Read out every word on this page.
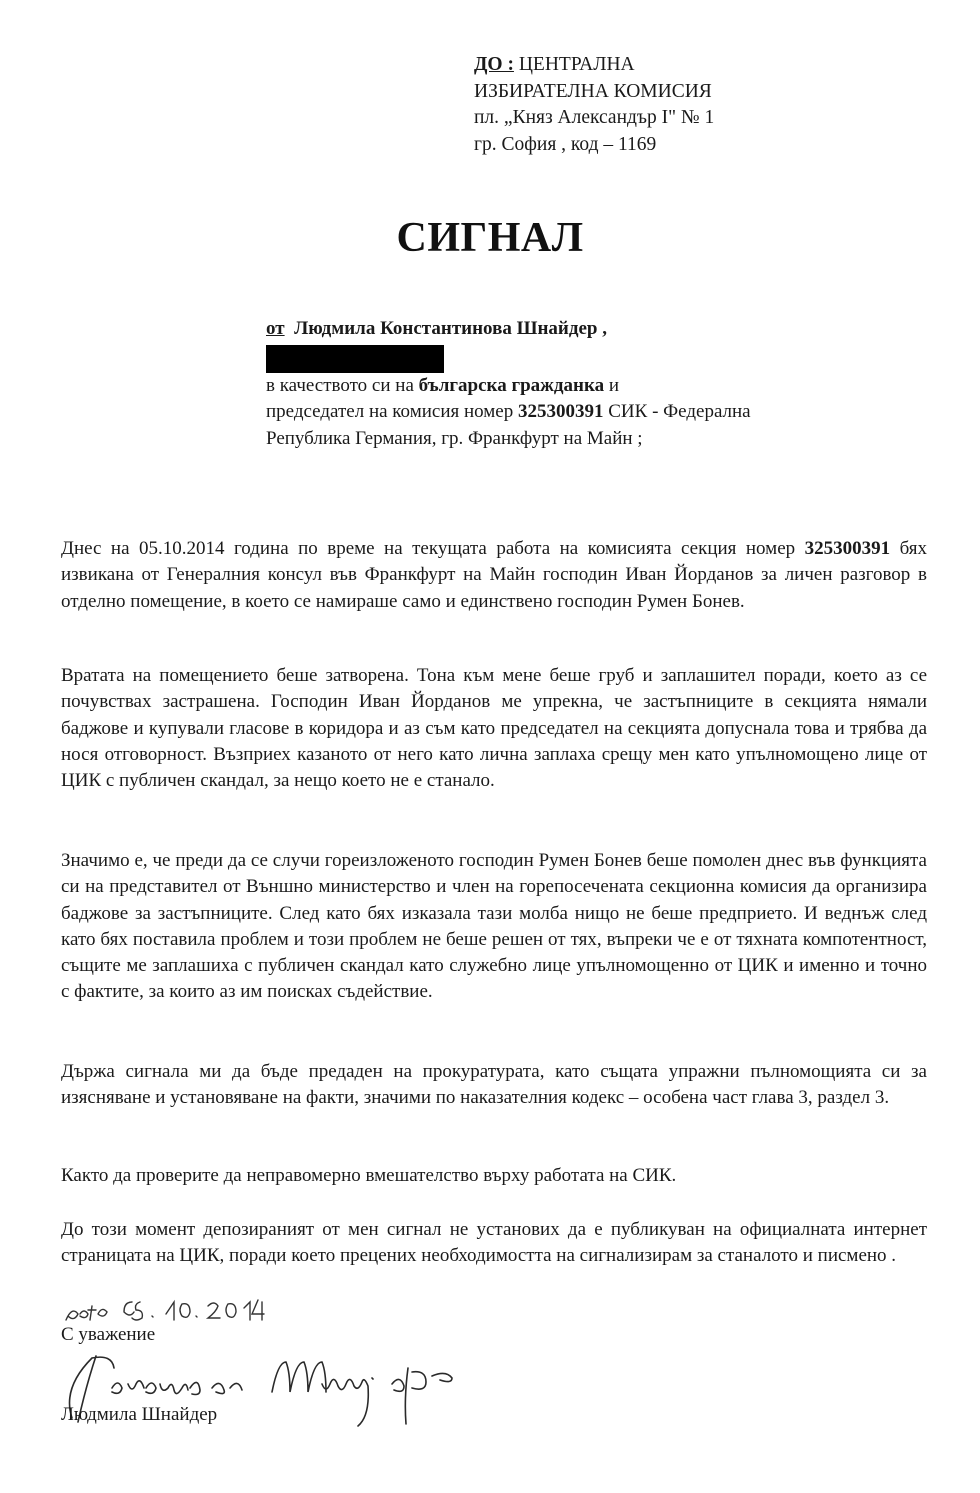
ДО : ЦЕНТРАЛНА
ИЗБИРАТЕЛНА КОМИСИЯ
пл. „Княз Александър I" № 1
гр. София , код – 1169
СИГНАЛ
от Людмила Константинова Шнайдер ,
в качеството си на българска гражданка и
председател на комисия номер 325300391 СИК - Федерална
Република Германия, гр. Франкфурт на Майн ;

Днес на 05.10.2014 година по време на текущата работа на комисията секция номер 325300391 бях извикана от Генералния консул във Франкфурт на Майн господин Иван Йорданов за личен разговор в отделно помещение, в което се намираше само и единствено господин Румен Бонев.

Вратата на помещението беше затворена. Тона към мене беше груб и заплашител поради, което аз се почувствах застрашена. Господин Иван Йорданов ме упрекна, че застъпниците в секцията нямали баджове и купували гласове в коридора и аз съм като председател на секцията допуснала това и трябва да нося отговорност. Възприех казаното от него като лична заплаха срещу мен като упълномощено лице от ЦИК с публичен скандал, за нещо което не е станало.

Значимо е, че преди да се случи гореизложеното господин Румен Бонев беше помолен днес във функцията си на представител от Външно министерство и член на горепосечената секционна комисия да организира баджове за застъпниците. След като бях изказала тази молба нищо не беше предприето. И веднъж след като бях поставила проблем и този проблем не беше решен от тях, въпреки че е от тяхната компотентност, същите ме заплашиха с публичен скандал като служебно лице упълномощенно от ЦИК и именно и точно с фактите, за които аз им поисках съдействие.

Държа сигнала ми да бъде предаден на прокуратурата, като същата упражни пълномощията си за изясняване и установяване на факти, значими по наказателния кодекс – особена част глава 3, раздел 3.

Както да проверите да неправомерно вмешателство върху работата на СИК.

До този момент депозираният от мен сигнал не установих да е публикуван на официалната интернет страницата на ЦИК, поради което прецених необходимостта на сигнализирам за станалото и писмено .

С уважение
Людмила Шнайдер
